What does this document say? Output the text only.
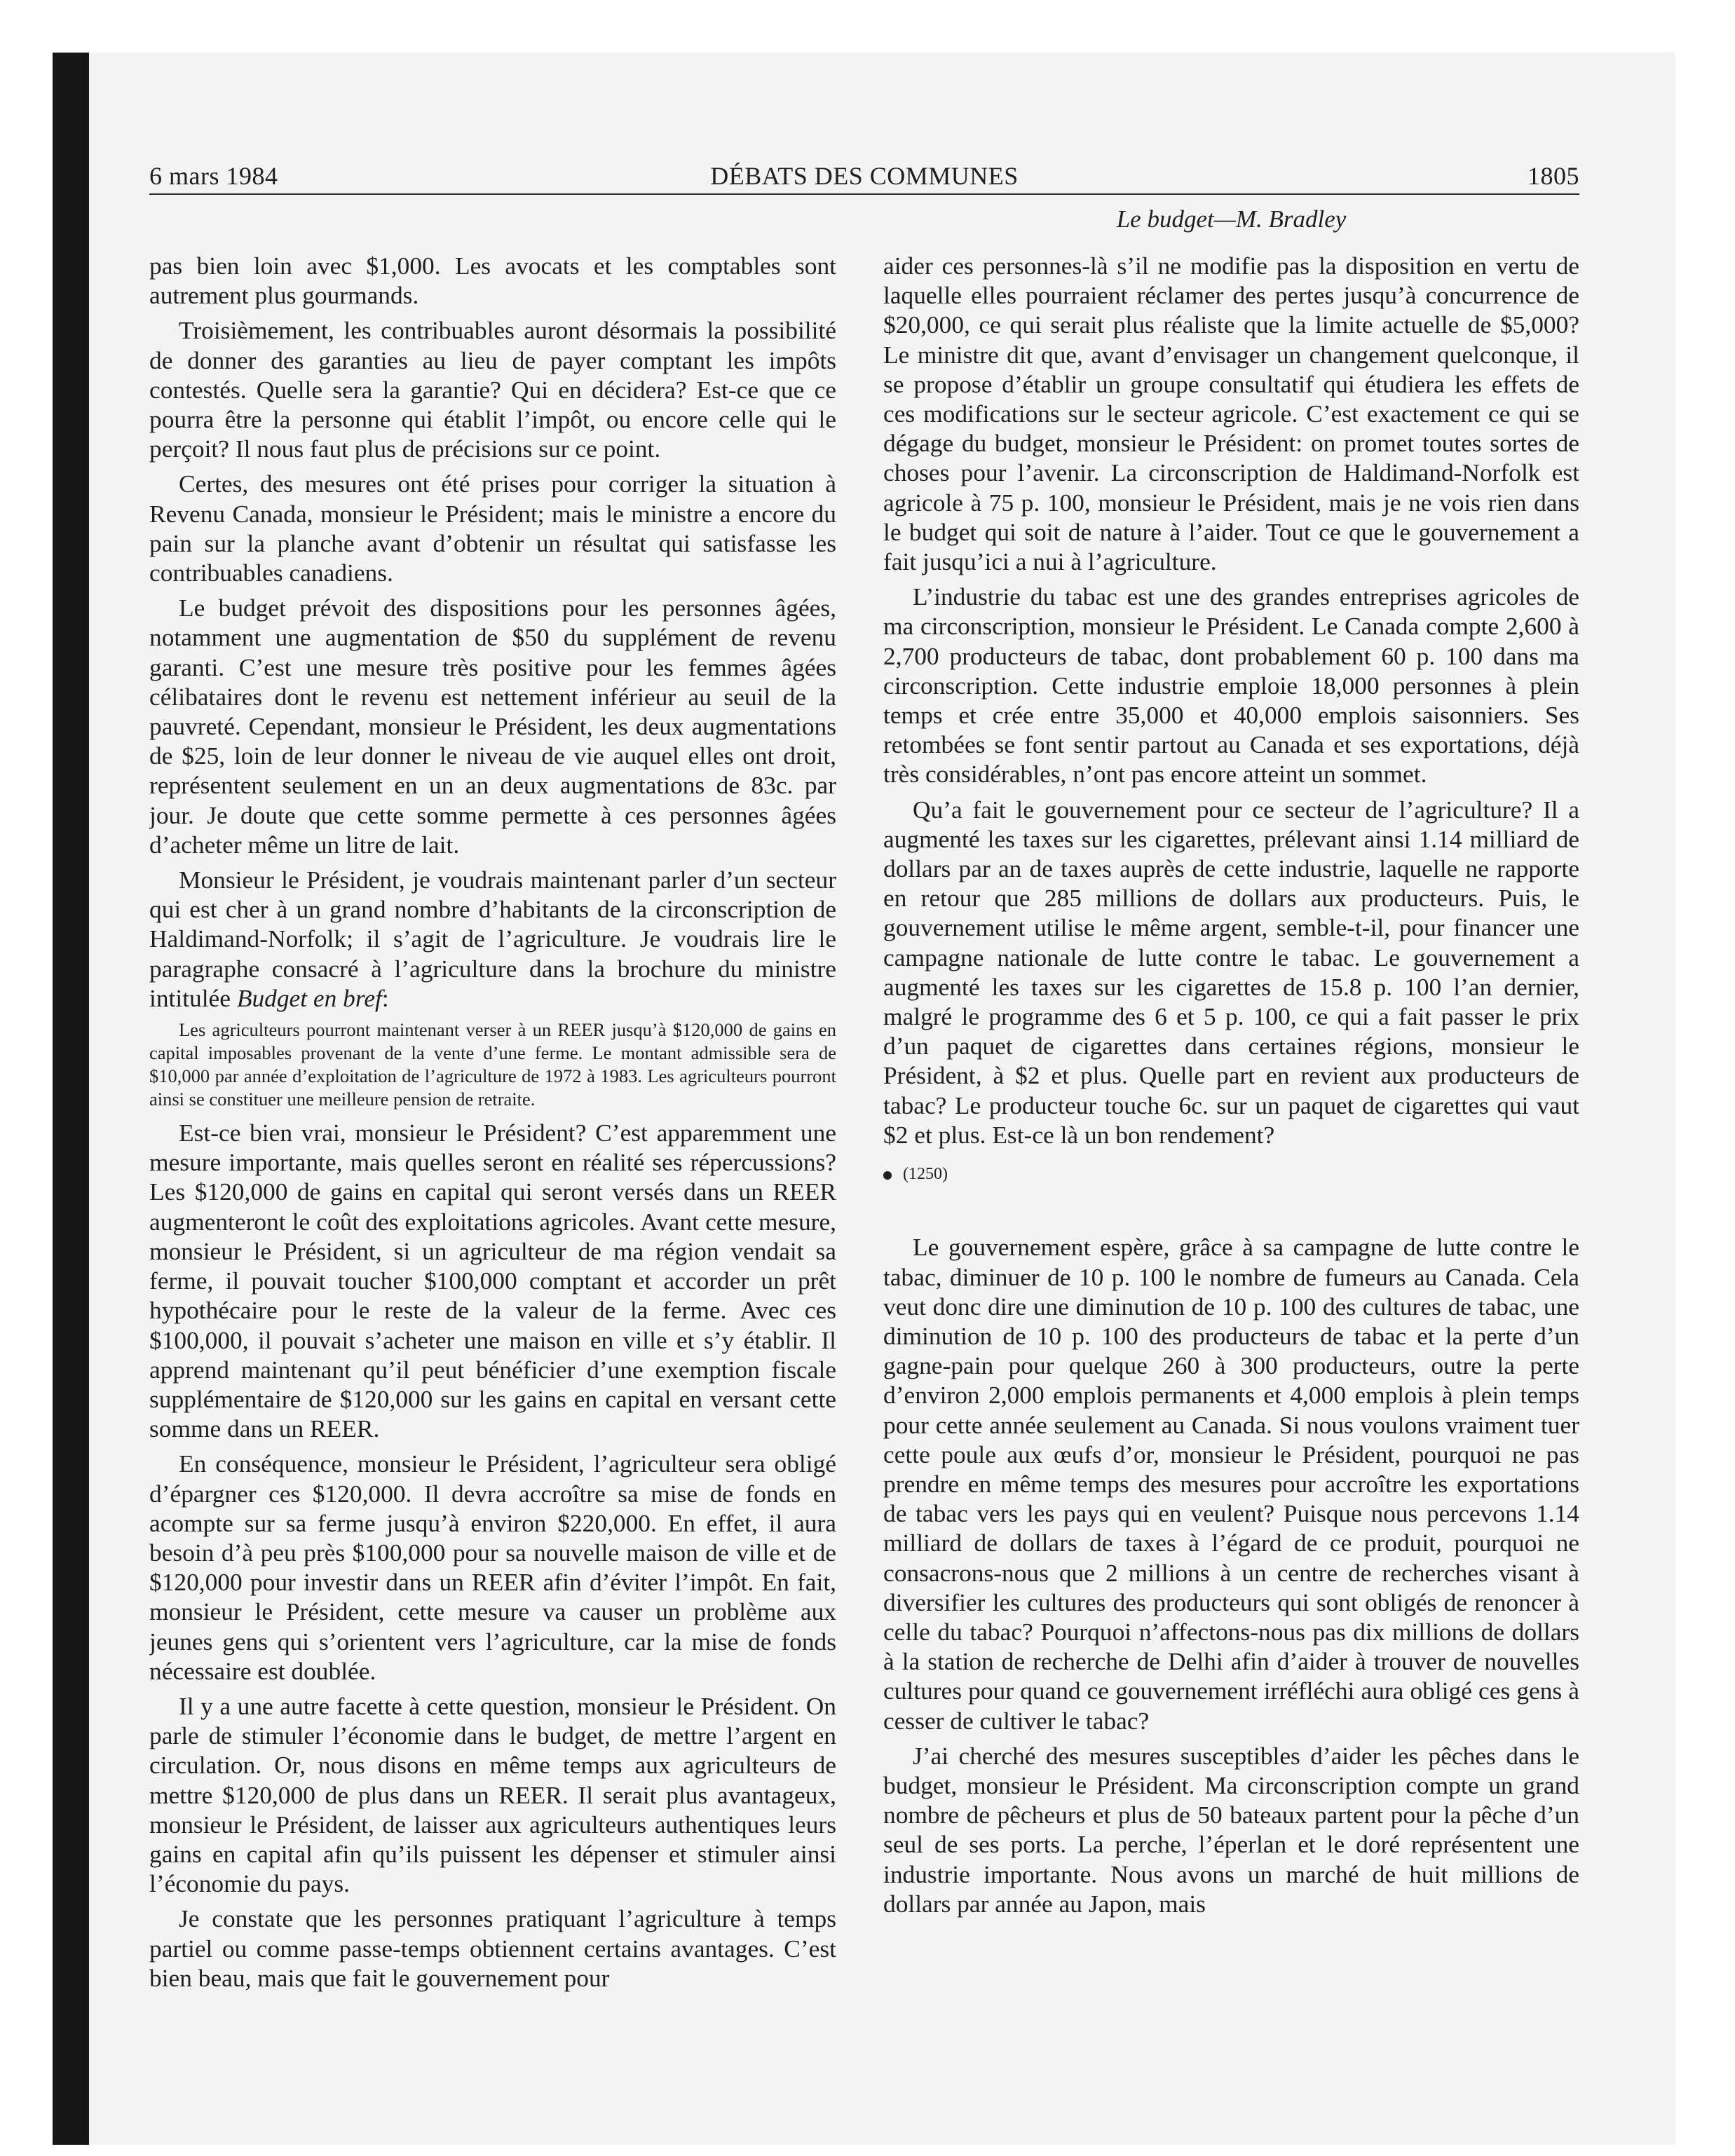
6 mars 1984	DÉBATS DES COMMUNES	1805
Le budget—M. Bradley

pas bien loin avec $1,000. Les avocats et les comptables sont autrement plus gourmands.

Troisièmement, les contribuables auront désormais la possibilité de donner des garanties au lieu de payer comptant les impôts contestés. Quelle sera la garantie? Qui en décidera? Est-ce que ce pourra être la personne qui établit l’impôt, ou encore celle qui le perçoit? Il nous faut plus de précisions sur ce point.

Certes, des mesures ont été prises pour corriger la situation à Revenu Canada, monsieur le Président; mais le ministre a encore du pain sur la planche avant d’obtenir un résultat qui satisfasse les contribuables canadiens.

Le budget prévoit des dispositions pour les personnes âgées, notamment une augmentation de $50 du supplément de revenu garanti. C’est une mesure très positive pour les femmes âgées célibataires dont le revenu est nettement inférieur au seuil de la pauvreté. Cependant, monsieur le Président, les deux augmentations de $25, loin de leur donner le niveau de vie auquel elles ont droit, représentent seulement en un an deux augmentations de 83c. par jour. Je doute que cette somme permette à ces personnes âgées d’acheter même un litre de lait.

Monsieur le Président, je voudrais maintenant parler d’un secteur qui est cher à un grand nombre d’habitants de la circonscription de Haldimand-Norfolk; il s’agit de l’agriculture. Je voudrais lire le paragraphe consacré à l’agriculture dans la brochure du ministre intitulée Budget en bref:

Les agriculteurs pourront maintenant verser à un REER jusqu’à $120,000 de gains en capital imposables provenant de la vente d’une ferme. Le montant admissible sera de $10,000 par année d’exploitation de l’agriculture de 1972 à 1983. Les agriculteurs pourront ainsi se constituer une meilleure pension de retraite.

Est-ce bien vrai, monsieur le Président? C’est apparemment une mesure importante, mais quelles seront en réalité ses répercussions? Les $120,000 de gains en capital qui seront versés dans un REER augmenteront le coût des exploitations agricoles. Avant cette mesure, monsieur le Président, si un agriculteur de ma région vendait sa ferme, il pouvait toucher $100,000 comptant et accorder un prêt hypothécaire pour le reste de la valeur de la ferme. Avec ces $100,000, il pouvait s’acheter une maison en ville et s’y établir. Il apprend maintenant qu’il peut bénéficier d’une exemption fiscale supplémentaire de $120,000 sur les gains en capital en versant cette somme dans un REER.

En conséquence, monsieur le Président, l’agriculteur sera obligé d’épargner ces $120,000. Il devra accroître sa mise de fonds en acompte sur sa ferme jusqu’à environ $220,000. En effet, il aura besoin d’à peu près $100,000 pour sa nouvelle maison de ville et de $120,000 pour investir dans un REER afin d’éviter l’impôt. En fait, monsieur le Président, cette mesure va causer un problème aux jeunes gens qui s’orientent vers l’agriculture, car la mise de fonds nécessaire est doublée.

Il y a une autre facette à cette question, monsieur le Président. On parle de stimuler l’économie dans le budget, de mettre l’argent en circulation. Or, nous disons en même temps aux agriculteurs de mettre $120,000 de plus dans un REER. Il serait plus avantageux, monsieur le Président, de laisser aux agriculteurs authentiques leurs gains en capital afin qu’ils puissent les dépenser et stimuler ainsi l’économie du pays.

Je constate que les personnes pratiquant l’agriculture à temps partiel ou comme passe-temps obtiennent certains avantages. C’est bien beau, mais que fait le gouvernement pour

aider ces personnes-là s’il ne modifie pas la disposition en vertu de laquelle elles pourraient réclamer des pertes jusqu’à concurrence de $20,000, ce qui serait plus réaliste que la limite actuelle de $5,000? Le ministre dit que, avant d’envisager un changement quelconque, il se propose d’établir un groupe consultatif qui étudiera les effets de ces modifications sur le secteur agricole. C’est exactement ce qui se dégage du budget, monsieur le Président: on promet toutes sortes de choses pour l’avenir. La circonscription de Haldimand-Norfolk est agricole à 75 p. 100, monsieur le Président, mais je ne vois rien dans le budget qui soit de nature à l’aider. Tout ce que le gouvernement a fait jusqu’ici a nui à l’agriculture.

L’industrie du tabac est une des grandes entreprises agricoles de ma circonscription, monsieur le Président. Le Canada compte 2,600 à 2,700 producteurs de tabac, dont probablement 60 p. 100 dans ma circonscription. Cette industrie emploie 18,000 personnes à plein temps et crée entre 35,000 et 40,000 emplois saisonniers. Ses retombées se font sentir partout au Canada et ses exportations, déjà très considérables, n’ont pas encore atteint un sommet.

Qu’a fait le gouvernement pour ce secteur de l’agriculture? Il a augmenté les taxes sur les cigarettes, prélevant ainsi 1.14 milliard de dollars par an de taxes auprès de cette industrie, laquelle ne rapporte en retour que 285 millions de dollars aux producteurs. Puis, le gouvernement utilise le même argent, semble-t-il, pour financer une campagne nationale de lutte contre le tabac. Le gouvernement a augmenté les taxes sur les cigarettes de 15.8 p. 100 l’an dernier, malgré le programme des 6 et 5 p. 100, ce qui a fait passer le prix d’un paquet de cigarettes dans certaines régions, monsieur le Président, à $2 et plus. Quelle part en revient aux producteurs de tabac? Le producteur touche 6c. sur un paquet de cigarettes qui vaut $2 et plus. Est-ce là un bon rendement?

(1250)

Le gouvernement espère, grâce à sa campagne de lutte contre le tabac, diminuer de 10 p. 100 le nombre de fumeurs au Canada. Cela veut donc dire une diminution de 10 p. 100 des cultures de tabac, une diminution de 10 p. 100 des producteurs de tabac et la perte d’un gagne-pain pour quelque 260 à 300 producteurs, outre la perte d’environ 2,000 emplois permanents et 4,000 emplois à plein temps pour cette année seulement au Canada. Si nous voulons vraiment tuer cette poule aux œufs d’or, monsieur le Président, pourquoi ne pas prendre en même temps des mesures pour accroître les exportations de tabac vers les pays qui en veulent? Puisque nous percevons 1.14 milliard de dollars de taxes à l’égard de ce produit, pourquoi ne consacrons-nous que 2 millions à un centre de recherches visant à diversifier les cultures des producteurs qui sont obligés de renoncer à celle du tabac? Pourquoi n’affectons-nous pas dix millions de dollars à la station de recherche de Delhi afin d’aider à trouver de nouvelles cultures pour quand ce gouvernement irréfléchi aura obligé ces gens à cesser de cultiver le tabac?

J’ai cherché des mesures susceptibles d’aider les pêches dans le budget, monsieur le Président. Ma circonscription compte un grand nombre de pêcheurs et plus de 50 bateaux partent pour la pêche d’un seul de ses ports. La perche, l’éperlan et le doré représentent une industrie importante. Nous avons un marché de huit millions de dollars par année au Japon, mais
